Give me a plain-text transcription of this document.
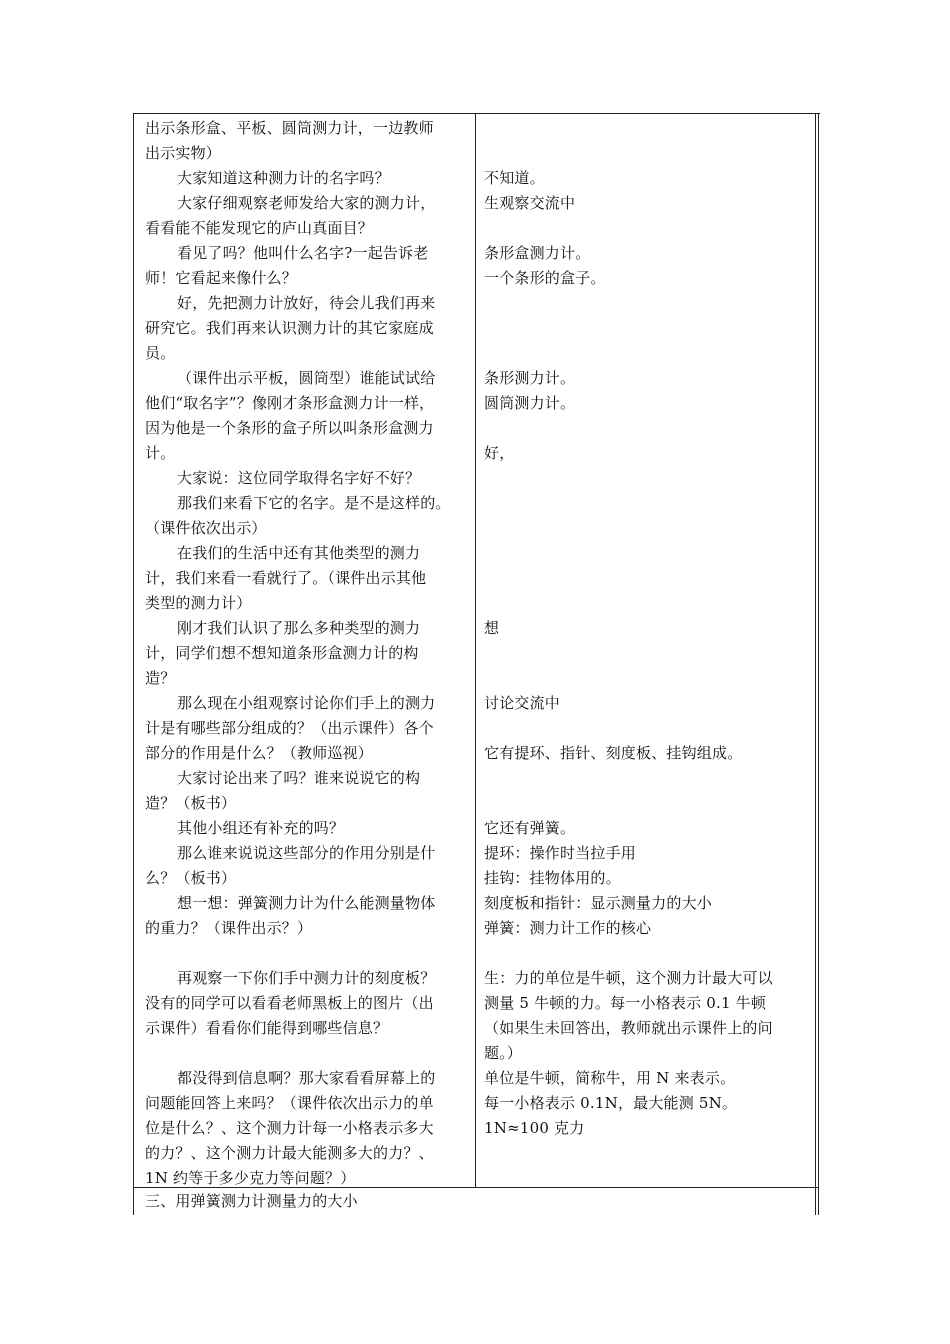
出示条形盒、平板、圆筒测力计，一边教师
出示实物）
大家知道这种测力计的名字吗？
大家仔细观察老师发给大家的测力计，
看看能不能发现它的庐山真面目？
看见了吗？他叫什么名字?一起告诉老
师！它看起来像什么？
好，先把测力计放好，待会儿我们再来
研究它。我们再来认识测力计的其它家庭成
员。
（课件出示平板，圆筒型）谁能试试给
他们“取名字”？像刚才条形盒测力计一样，
因为他是一个条形的盒子所以叫条形盒测力
计。
大家说：这位同学取得名字好不好？
那我们来看下它的名字。是不是这样的。
（课件依次出示）
在我们的生活中还有其他类型的测力
计，我们来看一看就行了。（课件出示其他
类型的测力计）
刚才我们认识了那么多种类型的测力
计，同学们想不想知道条形盒测力计的构
造？
那么现在小组观察讨论你们手上的测力
计是有哪些部分组成的？（出示课件）各个
部分的作用是什么？（教师巡视）
大家讨论出来了吗？谁来说说它的构
造？（板书）
其他小组还有补充的吗？
那么谁来说说这些部分的作用分别是什
么？（板书）
想一想：弹簧测力计为什么能测量物体
的重力？（课件出示？）
再观察一下你们手中测力计的刻度板？
没有的同学可以看看老师黑板上的图片（出
示课件）看看你们能得到哪些信息？
都没得到信息啊？那大家看看屏幕上的
问题能回答上来吗？（课件依次出示力的单
位是什么？、这个测力计每一小格表示多大
的力？、这个测力计最大能测多大的力？、
1N 约等于多少克力等问题？）
不知道。
生观察交流中
条形盒测力计。
一个条形的盒子。
条形测力计。
圆筒测力计。
好，
想
讨论交流中
它有提环、指针、刻度板、挂钩组成。
它还有弹簧。
提环：操作时当拉手用
挂钩：挂物体用的。
刻度板和指针：显示测量力的大小
弹簧：测力计工作的核心
生：力的单位是牛顿，这个测力计最大可以
测量 5 牛顿的力。每一小格表示 0.1 牛顿
（如果生未回答出，教师就出示课件上的问
题。）
单位是牛顿，简称牛，用 N 来表示。
每一小格表示 0.1N，最大能测 5N。
1N≈100 克力
三、用弹簧测力计测量力的大小
